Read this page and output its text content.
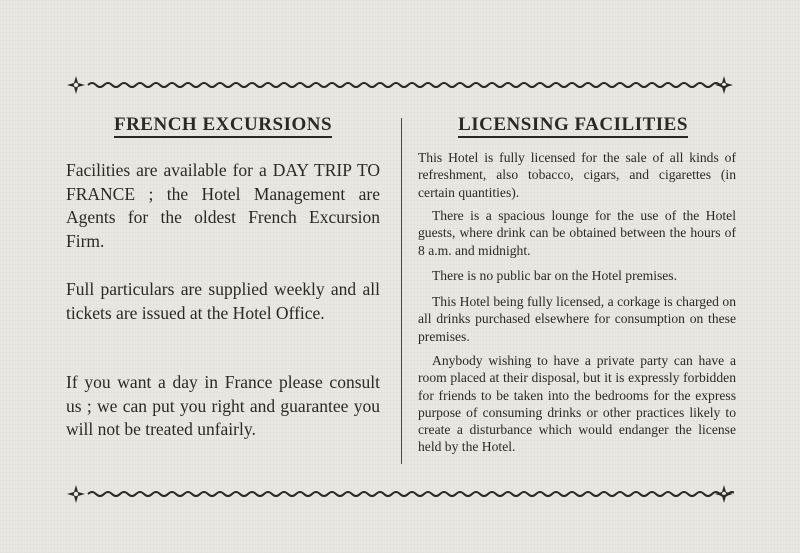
FRENCH EXCURSIONS

Facilities are available for a DAY TRIP TO FRANCE ; the Hotel Management are Agents for the oldest French Excursion Firm.

Full particulars are supplied weekly and all tickets are issued at the Hotel Office.

If you want a day in France please consult us ; we can put you right and guarantee you will not be treated unfairly.

LICENSING FACILITIES

This Hotel is fully licensed for the sale of all kinds of refreshment, also tobacco, cigars, and cigarettes (in certain quantities).

There is a spacious lounge for the use of the Hotel guests, where drink can be obtained between the hours of 8 a.m. and midnight.

There is no public bar on the Hotel premises.

This Hotel being fully licensed, a corkage is charged on all drinks purchased elsewhere for consumption on these premises.

Anybody wishing to have a private party can have a room placed at their disposal, but it is expressly forbidden for friends to be taken into the bedrooms for the express purpose of consuming drinks or other practices likely to create a disturbance which would endanger the license held by the Hotel.
